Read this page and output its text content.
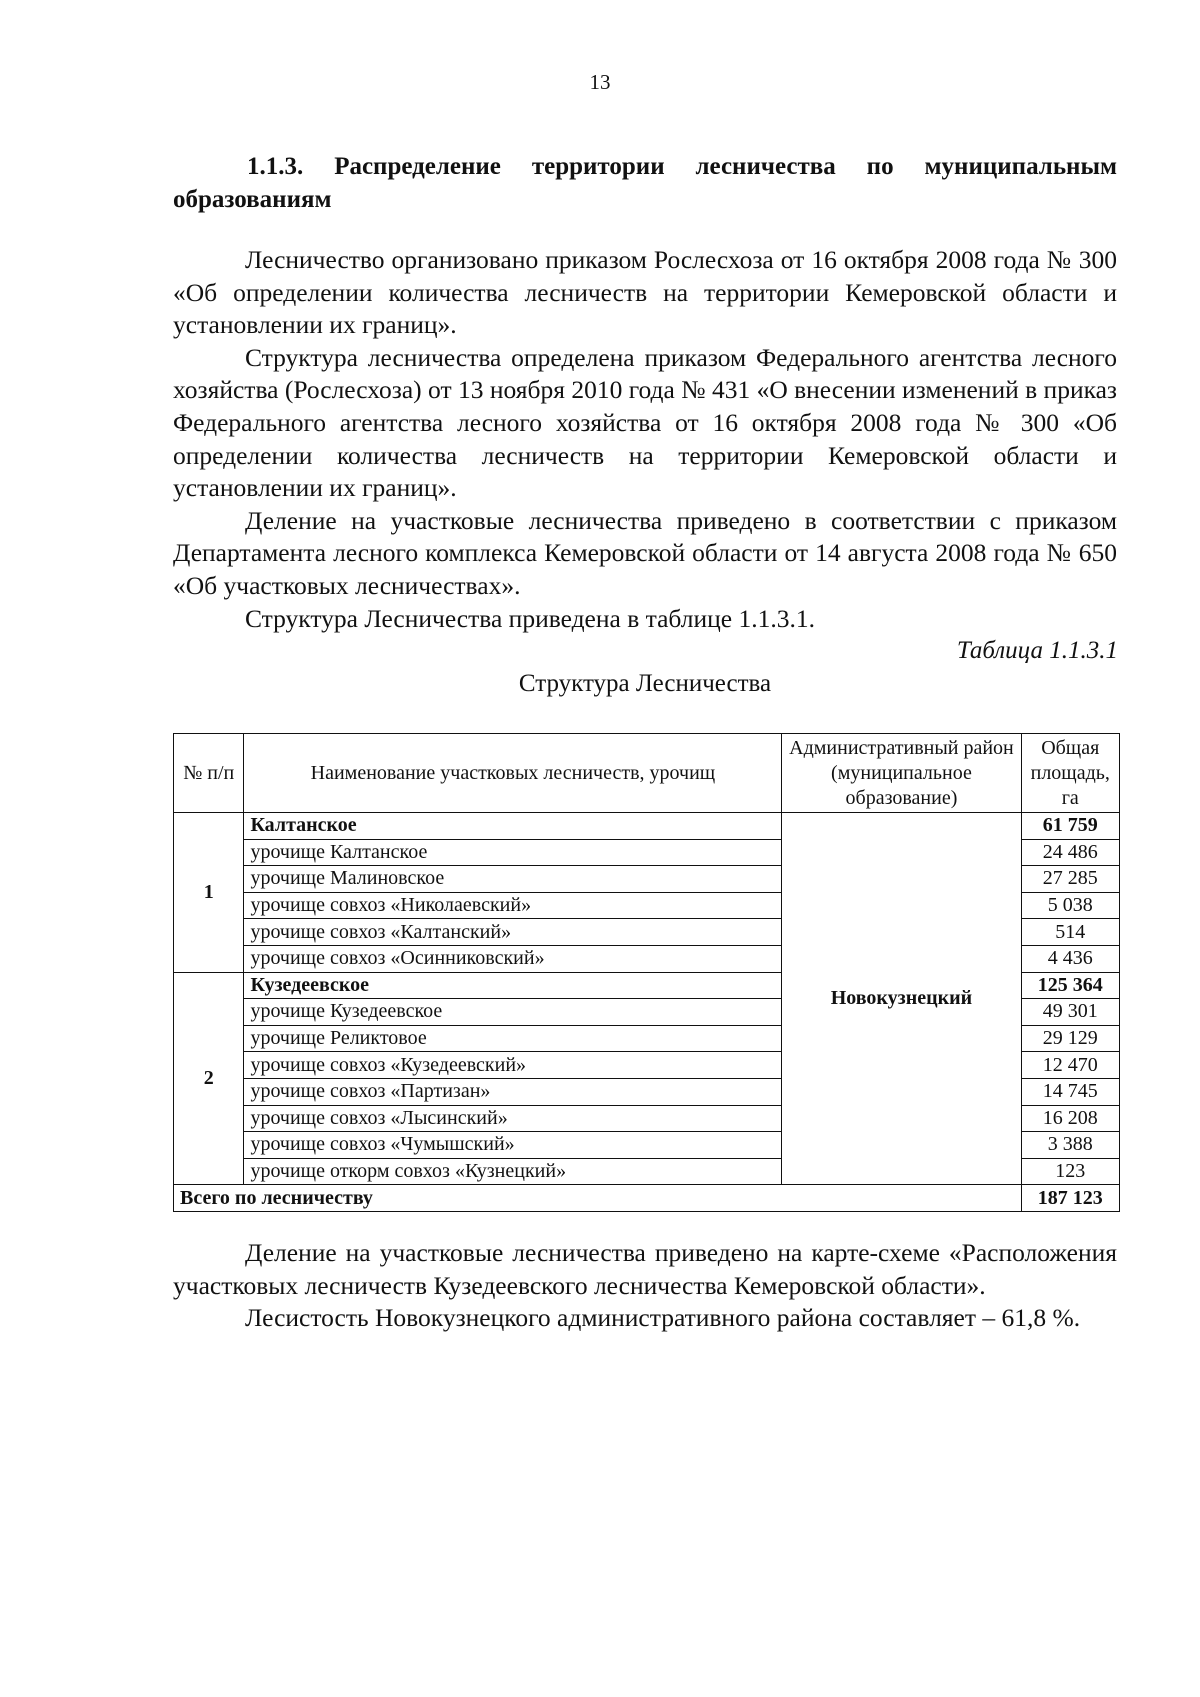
13
1.1.3. Распределение территории лесничества по муниципальным
образованиям

Лесничество организовано приказом Рослесхоза от 16 октября 2008 года № 300 «Об определении количества лесничеств на территории Кемеровской области и установлении их границ».

Структура лесничества определена приказом Федерального агентства лесного хозяйства (Рослесхоза) от 13 ноября 2010 года № 431 «О внесении изменений в приказ Федерального агентства лесного хозяйства от 16 октября 2008 года № 300 «Об определении количества лесничеств на территории Кемеровской области и установлении их границ».

Деление на участковые лесничества приведено в соответствии с приказом Департамента лесного комплекса Кемеровской области от 14 августа 2008 года № 650 «Об участковых лесничествах».

Структура Лесничества приведена в таблице 1.1.3.1.

Таблица 1.1.3.1
Структура Лесничества
№ п/п	Наименование участковых лесничеств, урочищ	Административный район (муниципальное образование)	Общая площадь, га
1	Калтанское	Новокузнецкий	61 759
	урочище Калтанское		24 486
	урочище Малиновское		27 285
	урочище совхоз «Николаевский»		5 038
	урочище совхоз «Калтанский»		514
	урочище совхоз «Осинниковский»		4 436
2	Кузедеевское		125 364
	урочище Кузедеевское		49 301
	урочище Реликтовое		29 129
	урочище совхоз «Кузедеевский»		12 470
	урочище совхоз «Партизан»		14 745
	урочище совхоз «Лысинский»		16 208
	урочище совхоз «Чумышский»		3 388
	урочище откорм совхоз «Кузнецкий»		123
Всего по лесничеству			187 123

Деление на участковые лесничества приведено на карте-схеме «Расположения участковых лесничеств Кузедеевского лесничества Кемеровской области».

Лесистость Новокузнецкого административного района составляет – 61,8 %.
